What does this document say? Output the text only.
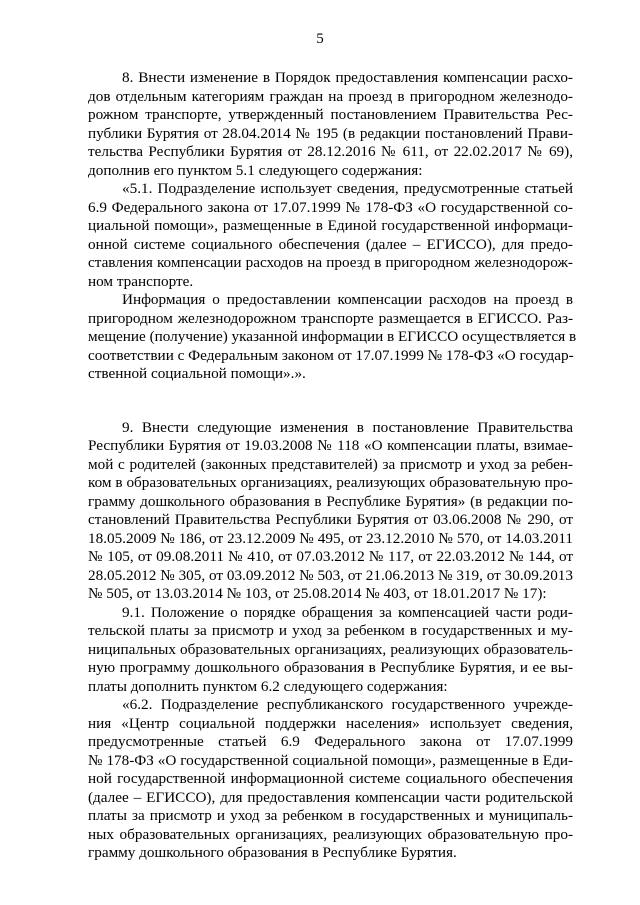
5
8. Внести изменение в Порядок предоставления компенсации расхо-
дов отдельным категориям граждан на проезд в пригородном железнодо-
рожном транспорте, утвержденный постановлением Правительства Рес-
публики Бурятия от 28.04.2014 № 195 (в редакции постановлений Прави-
тельства Республики Бурятия от 28.12.2016 № 611, от 22.02.2017 № 69),
дополнив его пунктом 5.1 следующего содержания:
«5.1. Подразделение использует сведения, предусмотренные статьей
6.9 Федерального закона от 17.07.1999 № 178-ФЗ «О государственной со-
циальной помощи», размещенные в Единой государственной информаци-
онной системе социального обеспечения (далее – ЕГИССО), для предо-
ставления компенсации расходов на проезд в пригородном железнодорож-
ном транспорте.
Информация о предоставлении компенсации расходов на проезд в
пригородном железнодорожном транспорте размещается в ЕГИССО. Раз-
мещение (получение) указанной информации в ЕГИССО осуществляется в
соответствии с Федеральным законом от 17.07.1999 № 178-ФЗ «О государ-
ственной социальной помощи».».
9. Внести следующие изменения в постановление Правительства
Республики Бурятия от 19.03.2008 № 118 «О компенсации платы, взимае-
мой с родителей (законных представителей) за присмотр и уход за ребен-
ком в образовательных организациях, реализующих образовательную про-
грамму дошкольного образования в Республике Бурятия» (в редакции по-
становлений Правительства Республики Бурятия от 03.06.2008 № 290, от
18.05.2009 № 186, от 23.12.2009 № 495, от 23.12.2010 № 570, от 14.03.2011
№ 105, от 09.08.2011 № 410, от 07.03.2012 № 117, от 22.03.2012 № 144, от
28.05.2012 № 305, от 03.09.2012 № 503, от 21.06.2013 № 319, от 30.09.2013
№ 505, от 13.03.2014 № 103, от 25.08.2014 № 403, от 18.01.2017 № 17):
9.1. Положение о порядке обращения за компенсацией части роди-
тельской платы за присмотр и уход за ребенком в государственных и му-
ниципальных образовательных организациях, реализующих образователь-
ную программу дошкольного образования в Республике Бурятия, и ее вы-
платы дополнить пунктом 6.2 следующего содержания:
«6.2. Подразделение республиканского государственного учрежде-
ния «Центр социальной поддержки населения» использует сведения,
предусмотренные статьей 6.9 Федерального закона от 17.07.1999
№ 178-ФЗ «О государственной социальной помощи», размещенные в Еди-
ной государственной информационной системе социального обеспечения
(далее – ЕГИССО), для предоставления компенсации части родительской
платы за присмотр и уход за ребенком в государственных и муниципаль-
ных образовательных организациях, реализующих образовательную про-
грамму дошкольного образования в Республике Бурятия.
